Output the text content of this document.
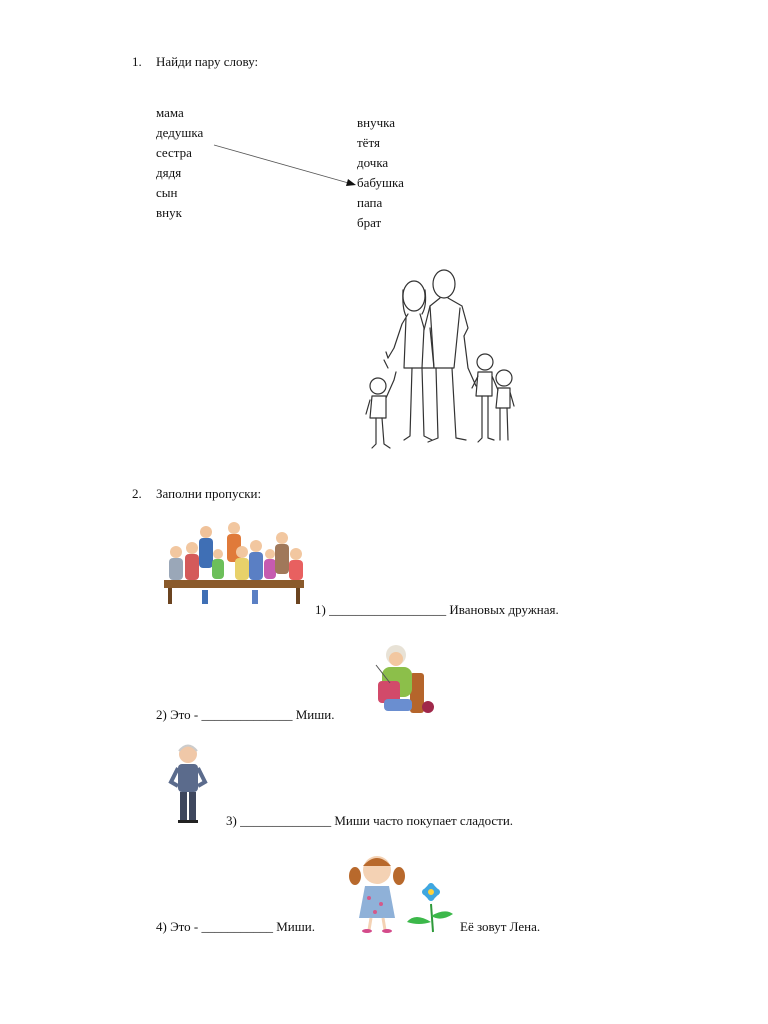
1. Найди пару слову:
мама
дедушка
сестра
дядя
сын
внук
внучка
тётя
дочка
бабушка
папа
брат
2. Заполни пропуски:
1) __________________ Ивановых дружная.
2) Это - ______________ Миши.
3) ______________ Миши часто покупает сладости.
4) Это - ___________ Миши.	Её зовут Лена.
